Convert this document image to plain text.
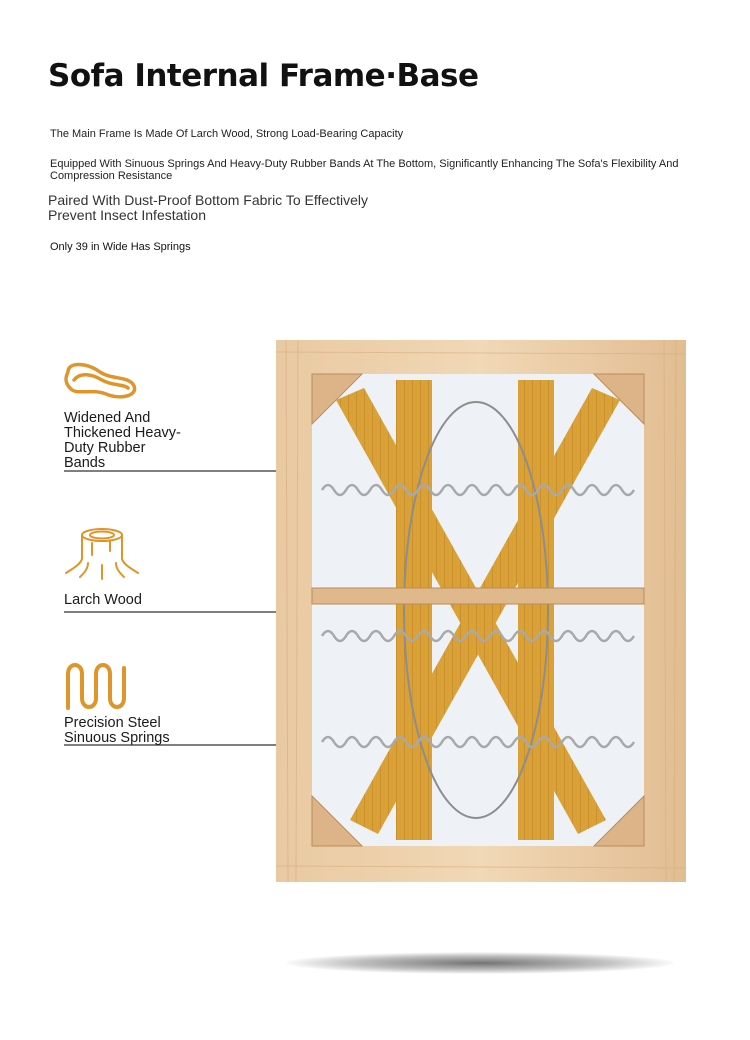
Sofa Internal Frame·Base
The Main Frame Is Made Of Larch Wood, Strong Load-Bearing Capacity
Equipped With Sinuous Springs And Heavy-Duty Rubber Bands At The Bottom, Significantly Enhancing The Sofa's Flexibility And Compression Resistance
Paired With Dust-Proof Bottom Fabric To Effectively Prevent Insect Infestation
Only 39 in Wide Has Springs
Widened And Thickened Heavy-Duty Rubber Bands
Larch Wood
Precision Steel Sinuous Springs
